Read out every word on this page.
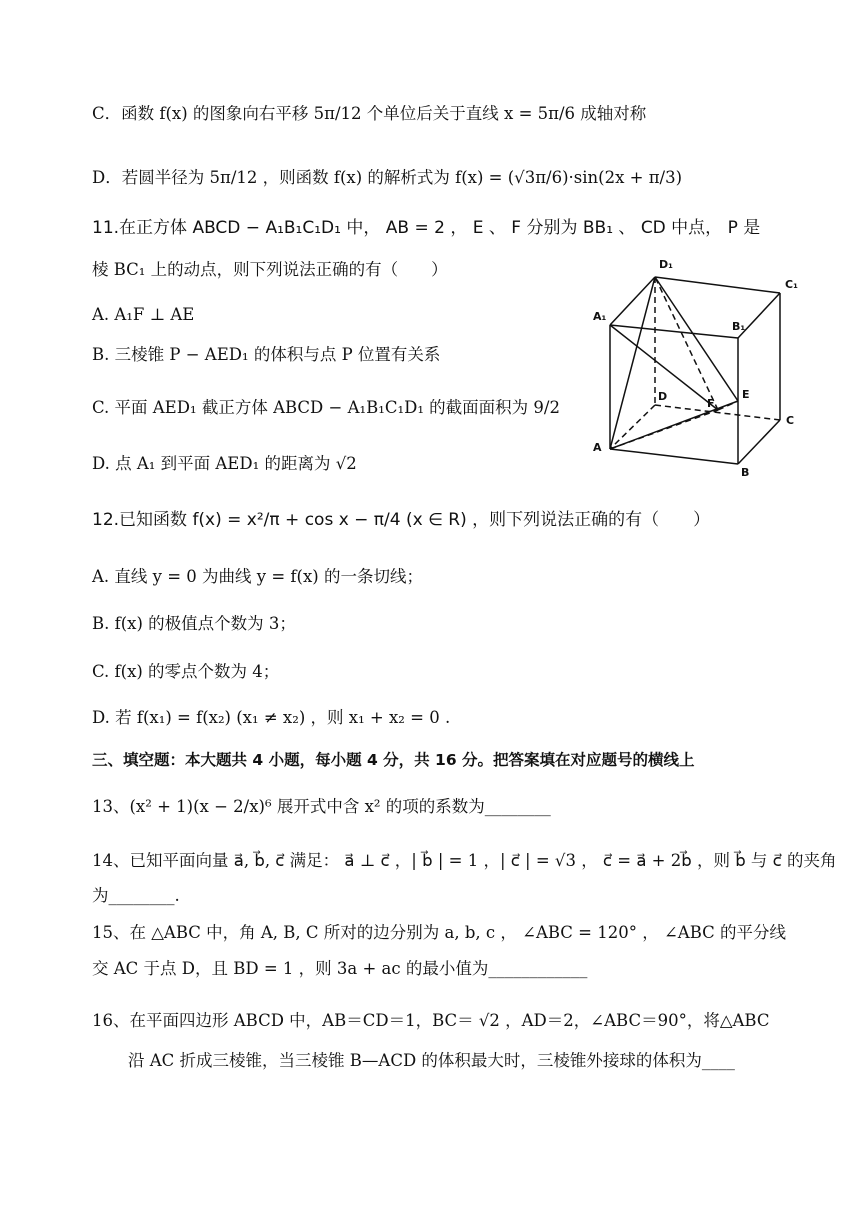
C．函数 f(x) 的图象向右平移 5π/12 个单位后关于直线 x = 5π/6 成轴对称
D．若圆半径为 5π/12 ，则函数 f(x) 的解析式为 f(x) = (√3π/6)·sin(2x + π/3)
11.在正方体 ABCD − A₁B₁C₁D₁ 中， AB = 2 ， E 、 F 分别为 BB₁ 、 CD 中点， P 是
棱 BC₁ 上的动点，则下列说法正确的有（　　）
A. A₁F ⊥ AE
B. 三棱锥 P − AED₁ 的体积与点 P 位置有关系
C. 平面 AED₁ 截正方体 ABCD − A₁B₁C₁D₁ 的截面面积为 9/2
D. 点 A₁ 到平面 AED₁ 的距离为 √2
D₁
C₁
A₁
B₁
D
F
E
C
A
B
12.已知函数 f(x) = x²/π + cos x − π/4 (x ∈ R) ，则下列说法正确的有（　　）
A. 直线 y = 0 为曲线 y = f(x) 的一条切线；
B. f(x) 的极值点个数为 3；
C. f(x) 的零点个数为 4；
D. 若 f(x₁) = f(x₂) (x₁ ≠ x₂) ，则 x₁ + x₂ = 0 .
三、填空题：本大题共 4 小题，每小题 4 分，共 16 分。把答案填在对应题号的横线上
13、(x² + 1)(x − 2/x)⁶ 展开式中含 x² 的项的系数为________
14、已知平面向量 a⃗, b⃗, c⃗ 满足： a⃗ ⊥ c⃗ ，| b⃗ | = 1 ，| c⃗ | = √3 ， c⃗ = a⃗ + 2b⃗ ，则 b⃗ 与 c⃗ 的夹角
为________.
15、在 △ABC 中，角 A, B, C 所对的边分别为 a, b, c ， ∠ABC = 120° ， ∠ABC 的平分线
交 AC 于点 D，且 BD = 1 ，则 3a + ac 的最小值为____________
16、在平面四边形 ABCD 中，AB＝CD＝1，BC＝ √2 ，AD＝2，∠ABC＝90°，将△ABC
沿 AC 折成三棱锥，当三棱锥 B—ACD 的体积最大时，三棱锥外接球的体积为____
